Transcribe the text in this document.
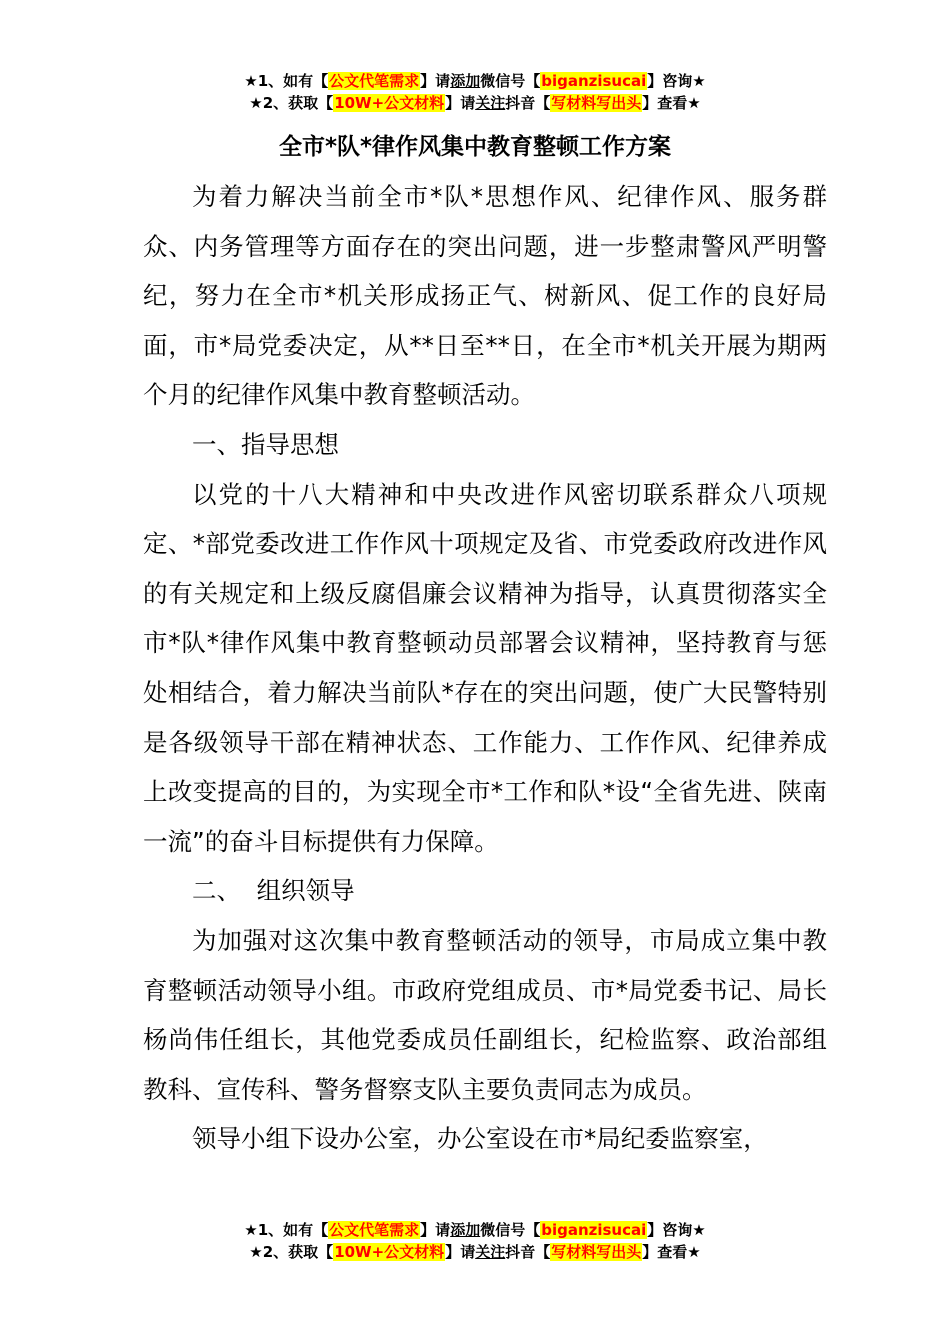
★1、如有【公文代笔需求】请添加微信号【biganzisucai】咨询★
★2、获取【10W+公文材料】请关注抖音【写材料写出头】查看★
全市*队*律作风集中教育整顿工作方案

为着力解决当前全市*队*思想作风、纪律作风、服务群众、内务管理等方面存在的突出问题，进一步整肃警风严明警纪，努力在全市*机关形成扬正气、树新风、促工作的良好局面，市*局党委决定，从**日至**日，在全市*机关开展为期两个月的纪律作风集中教育整顿活动。

一、指导思想

以党的十八大精神和中央改进作风密切联系群众八项规定、*部党委改进工作作风十项规定及省、市党委政府改进作风的有关规定和上级反腐倡廉会议精神为指导，认真贯彻落实全市*队*律作风集中教育整顿动员部署会议精神，坚持教育与惩处相结合，着力解决当前队*存在的突出问题，使广大民警特别是各级领导干部在精神状态、工作能力、工作作风、纪律养成上改变提高的目的，为实现全市*工作和队*设“全省先进、陕南一流”的奋斗目标提供有力保障。

二、  组织领导

为加强对这次集中教育整顿活动的领导，市局成立集中教育整顿活动领导小组。市政府党组成员、市*局党委书记、局长杨尚伟任组长，其他党委成员任副组长，纪检监察、政治部组教科、宣传科、警务督察支队主要负责同志为成员。

领导小组下设办公室，办公室设在市*局纪委监察室，

★1、如有【公文代笔需求】请添加微信号【biganzisucai】咨询★
★2、获取【10W+公文材料】请关注抖音【写材料写出头】查看★
